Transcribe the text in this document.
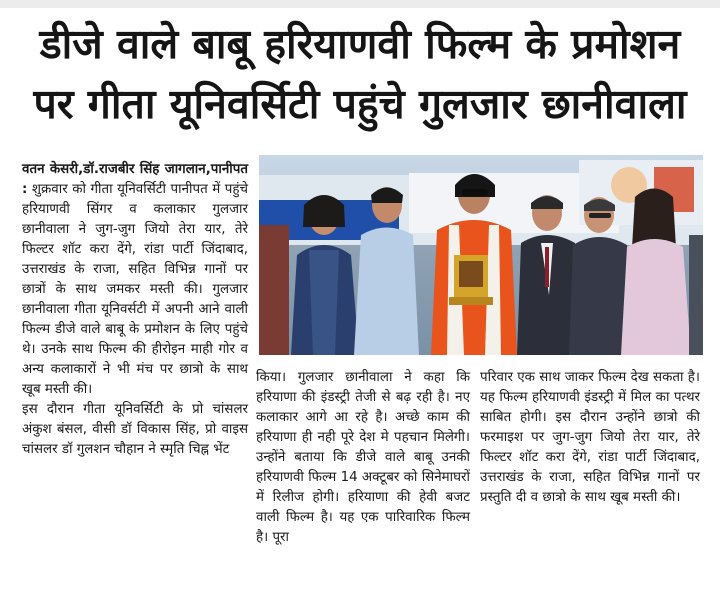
डीजे वाले बाबू हरियाणवी फिल्म के प्रमोशन
पर गीता यूनिवर्सिटी पहुंचे गुलजार छानीवाला

वतन केसरी,डॉ.राजबीर सिंह जागलान,पानीपत : शुक्रवार को गीता यूनिवर्सिटी पानीपत में पहुंचे हरियाणवी सिंगर व कलाकार गुलजार छानीवाला ने जुग-जुग जियो तेरा यार, तेरे फिल्टर शॉट करा देंगे, रांडा पार्टी जिंदाबाद, उत्तराखंड के राजा, सहित विभिन्न गानों पर छात्रों के साथ जमकर मस्ती की। गुलजार छानीवाला गीता यूनिवर्सटी में अपनी आने वाली फिल्म डीजे वाले बाबू के प्रमोशन के लिए पहुंचे थे। उनके साथ फिल्म की हीरोइन माही गोर व अन्य कलाकारों ने भी मंच पर छात्रो के साथ खूब मस्ती की।

इस दौरान गीता यूनिवर्सिटी के प्रो चांसलर अंकुश बंसल, वीसी डॉ विकास सिंह, प्रो वाइस चांसलर डॉ गुलशन चौहान ने स्मृति चिह्न भेंट

किया। गुलजार छानीवाला ने कहा कि हरियाणा की इंडस्ट्री तेजी से बढ़ रही है। नए कलाकार आगे आ रहे है। अच्छे काम की हरियाणा ही नही पूरे देश मे पहचान मिलेगी। उन्होंने बताया कि डीजे वाले बाबू उनकी हरियाणवी फिल्म 14 अक्टूबर को सिनेमाघरों में रिलीज होगी। हरियाणा की हेवी बजट वाली फिल्म है। यह एक पारिवारिक फिल्म है। पूरा

परिवार एक साथ जाकर फिल्म देख सकता है। यह फिल्म हरियाणवी इंडस्ट्री में मिल का पत्थर साबित होगी। इस दौरान उन्होंने छात्रो की फरमाइश पर जुग-जुग जियो तेरा यार, तेरे फिल्टर शॉट करा देंगे, रांडा पार्टी जिंदाबाद, उत्तराखंड के राजा, सहित विभिन्न गानों पर प्रस्तुति दी व छात्रो के साथ खूब मस्ती की।
